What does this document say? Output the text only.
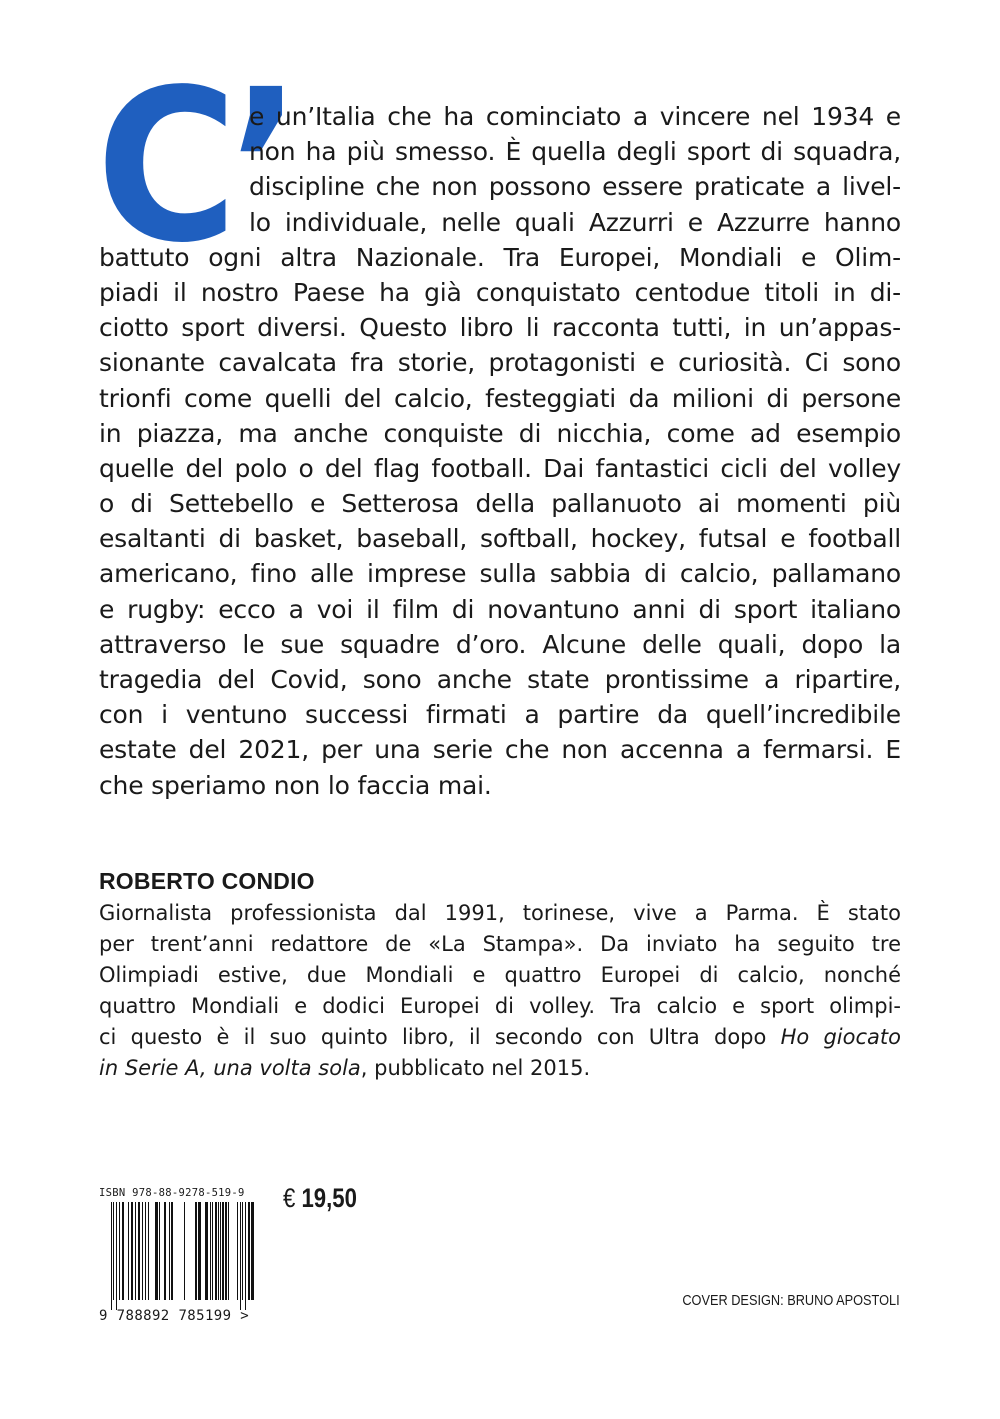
C’
e un’Italia che ha cominciato a vincere nel 1934 e
non ha più smesso. È quella degli sport di squadra,
discipline che non possono essere praticate a livel-
lo individuale, nelle quali Azzurri e Azzurre hanno
battuto ogni altra Nazionale. Tra Europei, Mondiali e Olim-
piadi il nostro Paese ha già conquistato centodue titoli in di-
ciotto sport diversi. Questo libro li racconta tutti, in un’appas-
sionante cavalcata fra storie, protagonisti e curiosità. Ci sono
trionfi come quelli del calcio, festeggiati da milioni di persone
in piazza, ma anche conquiste di nicchia, come ad esempio
quelle del polo o del flag football. Dai fantastici cicli del volley
o di Settebello e Setterosa della pallanuoto ai momenti più
esaltanti di basket, baseball, softball, hockey, futsal e football
americano, fino alle imprese sulla sabbia di calcio, pallamano
e rugby: ecco a voi il film di novantuno anni di sport italiano
attraverso le sue squadre d’oro. Alcune delle quali, dopo la
tragedia del Covid, sono anche state prontissime a ripartire,
con i ventuno successi firmati a partire da quell’incredibile
estate del 2021, per una serie che non accenna a fermarsi. E
che speriamo non lo faccia mai.
ROBERTO CONDIO
Giornalista professionista dal 1991, torinese, vive a Parma. È stato
per trent’anni redattore de «La Stampa». Da inviato ha seguito tre
Olimpiadi estive, due Mondiali e quattro Europei di calcio, nonché
quattro Mondiali e dodici Europei di volley. Tra calcio e sport olimpi-
ci questo è il suo quinto libro, il secondo con Ultra dopo Ho giocato
in Serie A, una volta sola, pubblicato nel 2015.
ISBN 978-88-9278-519-9
9 788892 785199 >
€ 19,50
COVER DESIGN: BRUNO APOSTOLI
